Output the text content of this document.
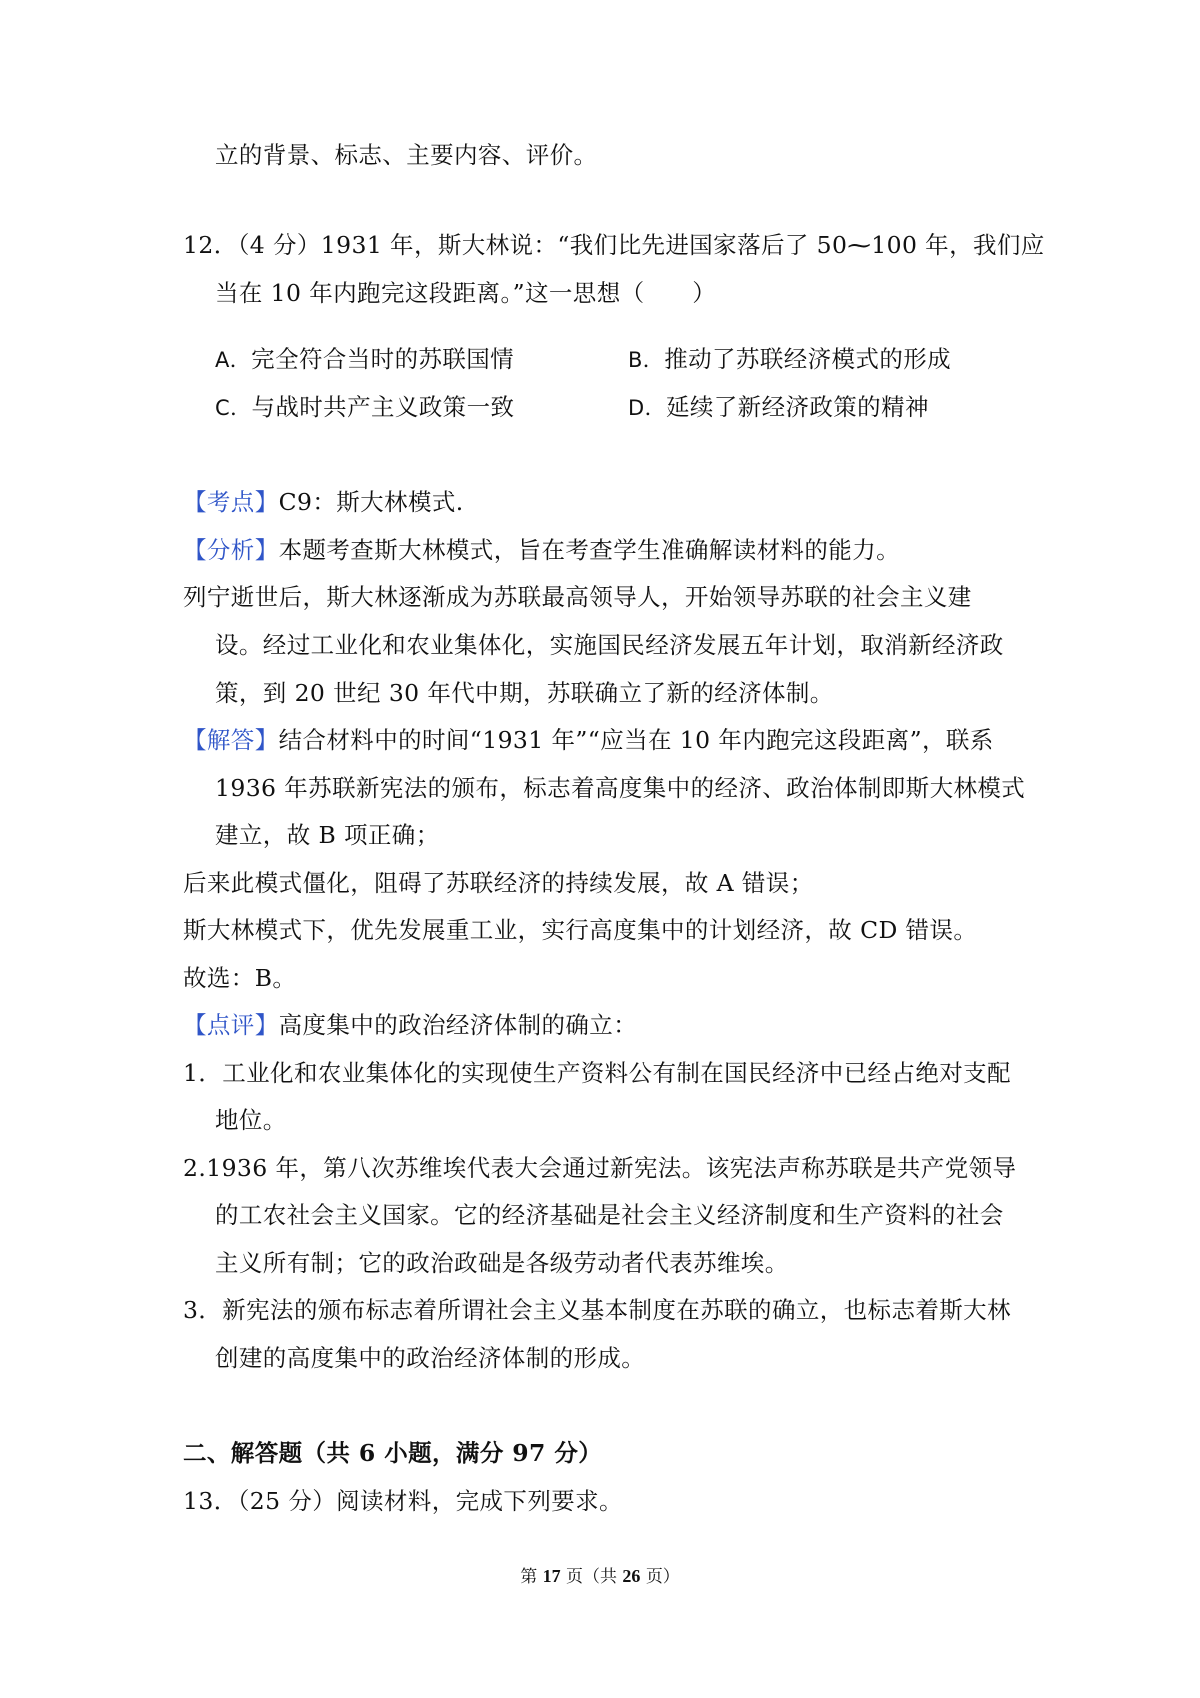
立的背景、标志、主要内容、评价。
12．（4 分）1931 年，斯大林说：“我们比先进国家落后了 50⁓100 年，我们应
当在 10 年内跑完这段距离。”这一思想（　　）
A．完全符合当时的苏联国情	B．推动了苏联经济模式的形成
C．与战时共产主义政策一致	D．延续了新经济政策的精神
【考点】C9：斯大林模式.
【分析】本题考查斯大林模式，旨在考查学生准确解读材料的能力。
列宁逝世后，斯大林逐渐成为苏联最高领导人，开始领导苏联的社会主义建
设。经过工业化和农业集体化，实施国民经济发展五年计划，取消新经济政
策，到 20 世纪 30 年代中期，苏联确立了新的经济体制。
【解答】结合材料中的时间“1931 年”“应当在 10 年内跑完这段距离”，联系
1936 年苏联新宪法的颁布，标志着高度集中的经济、政治体制即斯大林模式
建立，故 B 项正确；
后来此模式僵化，阻碍了苏联经济的持续发展，故 A 错误；
斯大林模式下，优先发展重工业，实行高度集中的计划经济，故 CD 错误。
故选：B。
【点评】高度集中的政治经济体制的确立：
1．工业化和农业集体化的实现使生产资料公有制在国民经济中已经占绝对支配
地位。
2.1936 年，第八次苏维埃代表大会通过新宪法。该宪法声称苏联是共产党领导
的工农社会主义国家。它的经济基础是社会主义经济制度和生产资料的社会
主义所有制；它的政治政础是各级劳动者代表苏维埃。
3．新宪法的颁布标志着所谓社会主义基本制度在苏联的确立，也标志着斯大林
创建的高度集中的政治经济体制的形成。
二、解答题（共 6 小题，满分 97 分）
13．（25 分）阅读材料，完成下列要求。
第 17 页（共 26 页）
